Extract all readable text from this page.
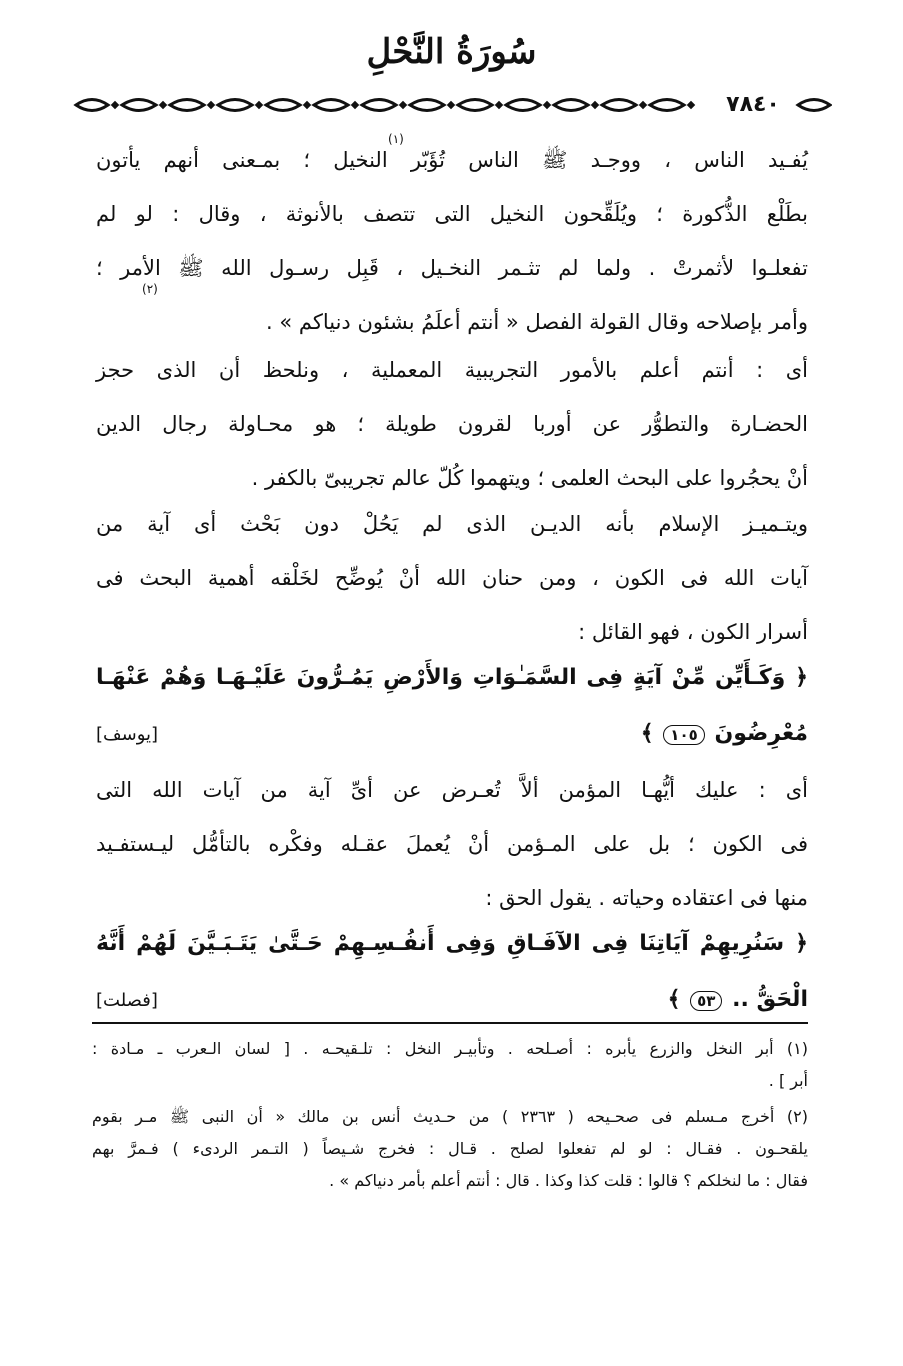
سُورَةُ النَّحْلِ
٧٨٤٠
يُفـيد الناس ، ووجـد ﷺ الناس تُؤَبّر النخيل ؛ بمـعنى أنهم يأتون
بطَلْع الذُّكورة ؛ ويُلَقِّحون النخيل التى تتصف بالأنوثة ، وقال : لو لم
تفعلـوا لأثمرتْ . ولما لم تثـمر النخـيل ، قَبِل رسـول الله ﷺ الأمر ؛
وأمر بإصلاحه وقال القولة الفصل « أنتم أعلَمُ بشئون دنياكم » .
(١)
(٢)
أى : أنتم أعلم بالأمور التجريبية المعملية ، ونلحظ أن الذى حجز
الحضـارة والتطوُّر عن أوربا لقرون طويلة ؛ هو محـاولة رجال الدين
أنْ يحجُروا على البحث العلمى ؛ ويتهموا كُلّ عالم تجريبىّ بالكفر .
ويتـميـز الإسلام بأنه الديـن الذى لم يَحُلْ دون بَحْث أى آية من
آيات الله فى الكون ، ومن حنان الله أنْ يُوضِّح لخَلْقه أهمية البحث فى
أسرار الكون ، فهو القائل :
﴿ وَكَـأَيِّن مِّنْ آيَةٍ فِى السَّمَـٰوَاتِ وَالأَرْضِ يَمُـرُّونَ عَلَيْـهَـا وَهُمْ عَنْهَـا
مُعْرِضُونَ ١٠٥ ﴾
[يوسف]
أى : عليك أيُّهـا المؤمن ألاَّ تُعـرض عن أىِّ آية من آيات الله التى
فى الكون ؛ بل على المـؤمن أنْ يُعملَ عقـله وفكْره بالتأمُّل ليـستفـيد
منها فى اعتقاده وحياته . يقول الحق :
﴿ سَنُرِيهِمْ آيَاتِنَا فِى الآفَـاقِ وَفِى أَنفُـسِـهِمْ حَـتَّىٰ يَتَـبَـيَّنَ لَهُمْ أَنَّهُ
الْحَقُّ .. ٥٣ ﴾
[فصلت]
(١) أبر النخل والزرع يأبره : أصـلحه . وتأبيـر النخل : تلـقيحـه . [ لسان الـعرب ـ مـادة :
أبر ] .
(٢) أخرج مـسلم فى صحـيحه ( ٢٣٦٣ ) من حـديث أنس بن مالك « أن النبى ﷺ مـر بقوم
يلقحـون . فقـال : لو لم تفعلوا لصلح . قـال : فخرج شـيصاً ( التـمر الردىء ) فـمرَّ بهم
فقال : ما لنخلكم ؟ قالوا : قلت كذا وكذا . قال : أنتم أعلم بأمر دنياكم » .
